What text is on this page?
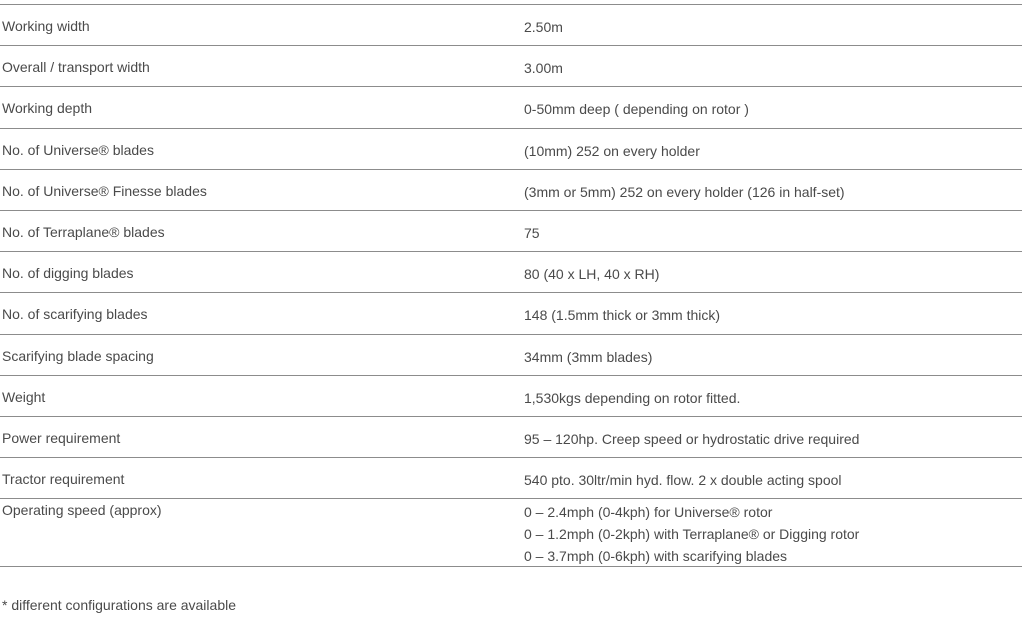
Working width	2.50m
Overall / transport width	3.00m
Working depth	0-50mm deep ( depending on rotor )
No. of Universe® blades	(10mm) 252 on every holder
No. of Universe® Finesse blades	(3mm or 5mm) 252 on every holder (126 in half-set)
No. of Terraplane® blades	75
No. of digging blades	80 (40 x LH, 40 x RH)
No. of scarifying blades	148 (1.5mm thick or 3mm thick)
Scarifying blade spacing	34mm (3mm blades)
Weight	1,530kgs depending on rotor fitted.
Power requirement	95 – 120hp. Creep speed or hydrostatic drive required
Tractor requirement	540 pto. 30ltr/min hyd. flow. 2 x double acting spool
Operating speed (approx)	0 – 2.4mph (0-4kph) for Universe® rotor
0 – 1.2mph (0-2kph) with Terraplane® or Digging rotor
0 – 3.7mph (0-6kph) with scarifying blades
* different configurations are available
